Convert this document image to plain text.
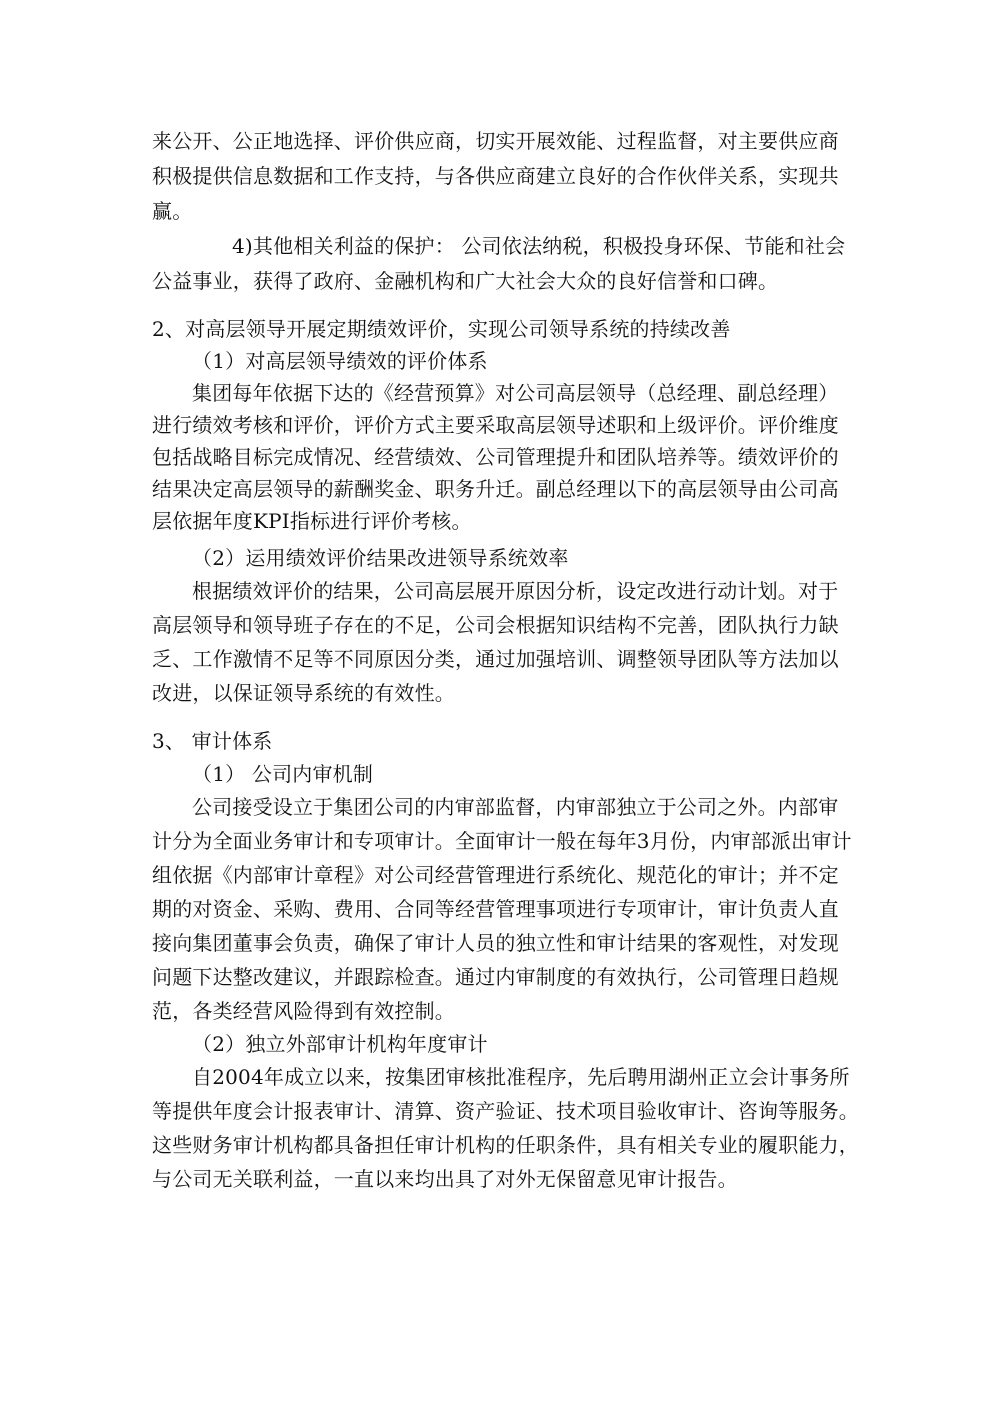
来公开、公正地选择、评价供应商，切实开展效能、过程监督，对主要供应商
积极提供信息数据和工作支持，与各供应商建立良好的合作伙伴关系，实现共
赢。
4)其他相关利益的保护： 公司依法纳税，积极投身环保、节能和社会
公益事业，获得了政府、金融机构和广大社会大众的良好信誉和口碑。
2、对高层领导开展定期绩效评价，实现公司领导系统的持续改善
（1）对高层领导绩效的评价体系
集团每年依据下达的《经营预算》对公司高层领导（总经理、副总经理）
进行绩效考核和评价，评价方式主要采取高层领导述职和上级评价。评价维度
包括战略目标完成情况、经营绩效、公司管理提升和团队培养等。绩效评价的
结果决定高层领导的薪酬奖金、职务升迁。副总经理以下的高层领导由公司高
层依据年度KPI指标进行评价考核。
（2）运用绩效评价结果改进领导系统效率
根据绩效评价的结果，公司高层展开原因分析，设定改进行动计划。对于
高层领导和领导班子存在的不足，公司会根据知识结构不完善，团队执行力缺
乏、工作激情不足等不同原因分类，通过加强培训、调整领导团队等方法加以
改进，以保证领导系统的有效性。
3、 审计体系
（1） 公司内审机制
公司接受设立于集团公司的内审部监督，内审部独立于公司之外。内部审
计分为全面业务审计和专项审计。全面审计一般在每年3月份，内审部派出审计
组依据《内部审计章程》对公司经营管理进行系统化、规范化的审计；并不定
期的对资金、采购、费用、合同等经营管理事项进行专项审计，审计负责人直
接向集团董事会负责，确保了审计人员的独立性和审计结果的客观性，对发现
问题下达整改建议，并跟踪检查。通过内审制度的有效执行，公司管理日趋规
范，各类经营风险得到有效控制。
（2）独立外部审计机构年度审计
自2004年成立以来，按集团审核批准程序，先后聘用湖州正立会计事务所
等提供年度会计报表审计、清算、资产验证、技术项目验收审计、咨询等服务。
这些财务审计机构都具备担任审计机构的任职条件，具有相关专业的履职能力，
与公司无关联利益，一直以来均出具了对外无保留意见审计报告。
